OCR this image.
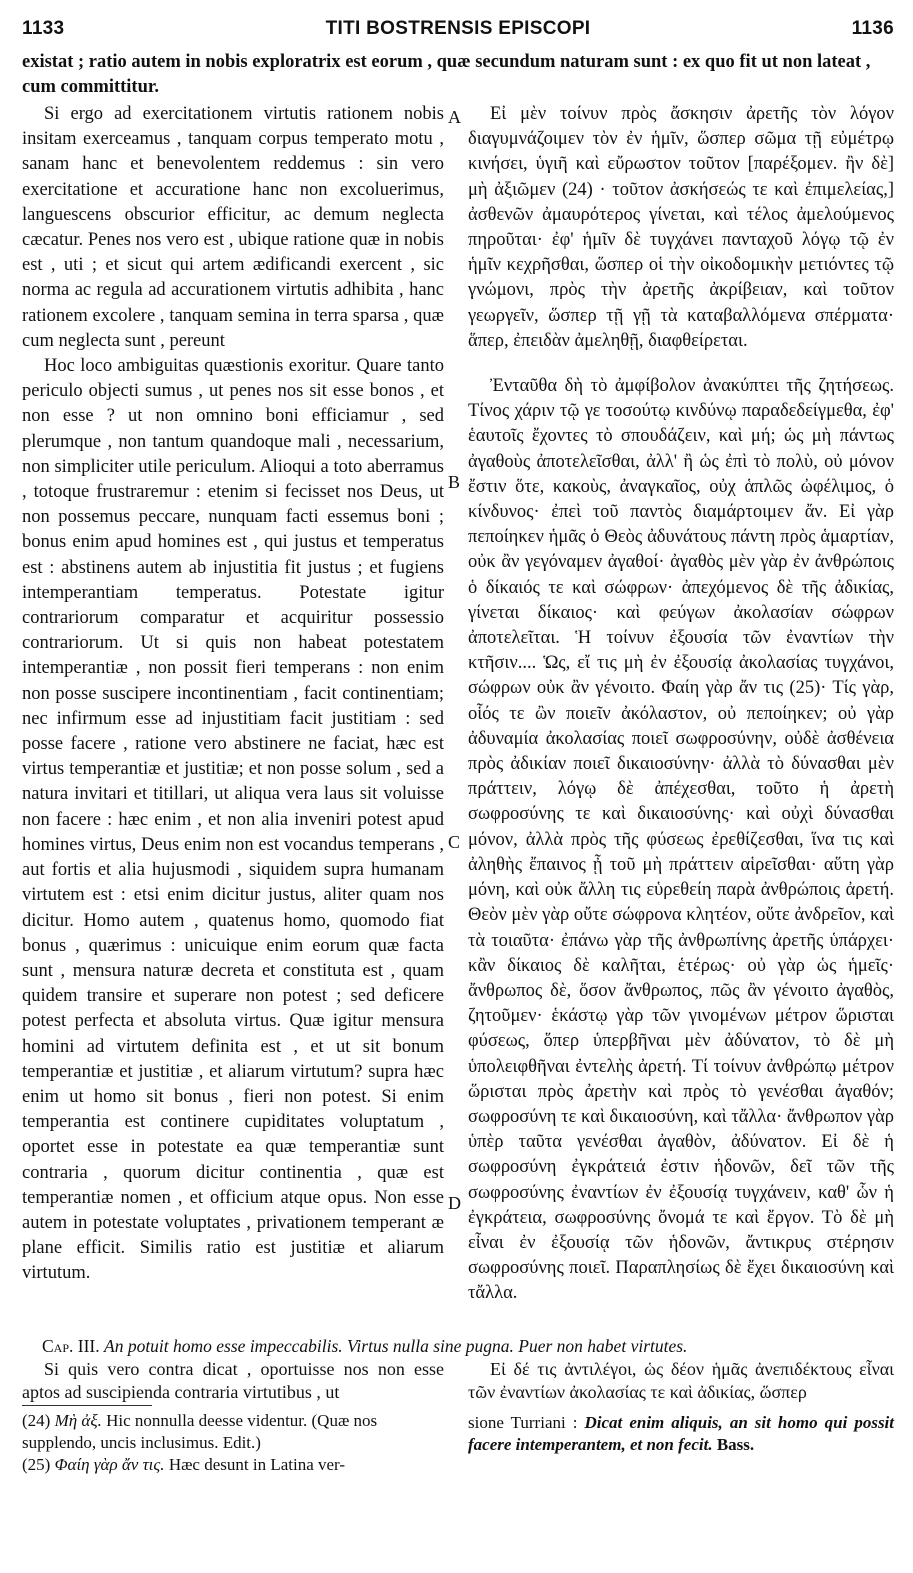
1133	TITI BOSTRENSIS EPISCOPI	1136
existat ; ratio autem in nobis exploratrix est eorum , quæ secundum naturam sunt : ex quo fit ut non lateat , cum committitur.

Si ergo ad exercitationem virtutis rationem nobis insitam exerceamus , tanquam corpus temperato motu , sanam hanc et benevolentem reddemus : sin vero exercitatione et accuratione hanc non excoluerimus, languescens obscurior efficitur, ac demum neglecta cæcatur. Penes nos vero est , ubique ratione quæ in nobis est , uti ; et sicut qui artem ædificandi exercent , sic norma ac regula ad accurationem virtutis adhibita , hanc rationem excolere , tanquam semina in terra sparsa , quæ cum neglecta sunt , pereunt

Hoc loco ambiguitas quæstionis exoritur. Quare tanto periculo objecti sumus , ut penes nos sit esse bonos , et non esse ? ut non omnino boni efficiamur , sed plerumque , non tantum quandoque mali , necessarium, non simpliciter utile periculum. Alioqui a toto aberramus , totoque frustraremur : etenim si fecisset nos Deus, ut non possemus peccare, nunquam facti essemus boni ; bonus enim apud homines est , qui justus et temperatus est : abstinens autem ab injustitia fit justus ; et fugiens intemperantiam temperatus. Potestate igitur contrariorum comparatur et acquiritur possessio contrariorum. Ut si quis non habeat potestatem intemperantiæ , non possit fieri temperans : non enim non posse suscipere incontinentiam , facit continentiam; nec infirmum esse ad injustitiam facit justitiam : sed posse facere , ratione vero abstinere ne faciat, hæc est virtus temperantiæ et justitiæ; et non posse solum , sed a natura invitari et titillari, ut aliqua vera laus sit voluisse non facere : hæc enim , et non alia inveniri potest apud homines virtus, Deus enim non est vocandus temperans , aut fortis et alia hujusmodi , siquidem supra humanam virtutem est : etsi enim dicitur justus, aliter quam nos dicitur. Homo autem , quatenus homo, quomodo fiat bonus , quærimus : unicuique enim eorum quæ facta sunt , mensura naturæ decreta et constituta est , quam quidem transire et superare non potest ; sed deficere potest perfecta et absoluta virtus. Quæ igitur mensura homini ad virtutem definita est , et ut sit bonum temperantiæ et justitiæ , et aliarum virtutum? supra hæc enim ut homo sit bonus , fieri non potest. Si enim temperantia est continere cupiditates voluptatum , oportet esse in potestate ea quæ temperantiæ sunt contraria , quorum dicitur continentia , quæ est temperantiæ nomen , et officium atque opus. Non esse autem in potestate voluptates , privationem temperant æ plane efficit. Similis ratio est justitiæ et aliarum virtutum.

Εἰ μὲν τοίνυν πρὸς ἄσκησιν ἀρετῆς τὸν λόγον διαγυμνάζοιμεν τὸν ἐν ἡμῖν, ὥσπερ σῶμα τῇ εὐμέτρῳ κινήσει, ὑγιῆ καὶ εὔρωστον τοῦτον [παρέξομεν. ἢν δὲ] μὴ ἀξιῶμεν (24) · τοῦτον ἀσκήσεώς τε καὶ ἐπιμελείας,] ἀσθενῶν ἀμαυρότερος γίνεται, καὶ τέλος ἀμελούμενος πηροῦται· ἐφ' ἡμῖν δὲ τυγχάνει πανταχοῦ λόγῳ τῷ ἐν ἡμῖν κεχρῆσθαι, ὥσπερ οἱ τὴν οἰκοδομικὴν μετιόντες τῷ γνώμονι, πρὸς τὴν ἀρετῆς ἀκρίβειαν, καὶ τοῦτον γεωργεῖν, ὥσπερ τῇ γῇ τὰ καταβαλλόμενα σπέρματα· ἅπερ, ἐπειδὰν ἀμεληθῇ, διαφθείρεται.

Ἐνταῦθα δὴ τὸ ἀμφίβολον ἀνακύπτει τῆς ζητήσεως. Τίνος χάριν τῷ γε τοσούτῳ κινδύνῳ παραδεδείγμεθα, ἐφ' ἑαυτοῖς ἔχοντες τὸ σπουδάζειν, καὶ μή; ὡς μὴ πάντως ἀγαθοὺς ἀποτελεῖσθαι, ἀλλ' ἢ ὡς ἐπὶ τὸ πολὺ, οὐ μόνον ἔστιν ὅτε, κακοὺς, ἀναγκαῖος, οὐχ ἁπλῶς ὠφέλιμος, ὁ κίνδυνος· ἐπεὶ τοῦ παντὸς διαμάρτοιμεν ἄν. Εἰ γὰρ πεποίηκεν ἡμᾶς ὁ Θεὸς ἀδυνάτους πάντη πρὸς ἁμαρτίαν, οὐκ ἂν γεγόναμεν ἀγαθοί· ἀγαθὸς μὲν γὰρ ἐν ἀνθρώποις ὁ δίκαιός τε καὶ σώφρων· ἀπεχόμενος δὲ τῆς ἀδικίας, γίνεται δίκαιος· καὶ φεύγων ἀκολασίαν σώφρων ἀποτελεῖται. Ἡ τοίνυν ἐξουσία τῶν ἐναντίων τὴν κτῆσιν.... Ὡς, εἴ τις μὴ ἐν ἐξουσίᾳ ἀκολασίας τυγχάνοι, σώφρων οὐκ ἂν γένοιτο. Φαίη γὰρ ἄν τις (25)· Τίς γὰρ, οἷός τε ὢν ποιεῖν ἀκόλαστον, οὐ πεποίηκεν; οὐ γὰρ ἀδυναμία ἀκολασίας ποιεῖ σωφροσύνην, οὐδὲ ἀσθένεια πρὸς ἀδικίαν ποιεῖ δικαιοσύνην· ἀλλὰ τὸ δύνασθαι μὲν πράττειν, λόγῳ δὲ ἀπέχεσθαι, τοῦτο ἡ ἀρετὴ σωφροσύνης τε καὶ δικαιοσύνης· καὶ οὐχὶ δύνασθαι μόνον, ἀλλὰ πρὸς τῆς φύσεως ἐρεθίζεσθαι, ἵνα τις καὶ ἀληθὴς ἔπαινος ᾖ τοῦ μὴ πράττειν αἱρεῖσθαι· αὕτη γὰρ μόνη, καὶ οὐκ ἄλλη τις εὑρεθείη παρὰ ἀνθρώποις ἀρετή. Θεὸν μὲν γὰρ οὔτε σώφρονα κλητέον, οὔτε ἀνδρεῖον, καὶ τὰ τοιαῦτα· ἐπάνω γὰρ τῆς ἀνθρωπίνης ἀρετῆς ὑπάρχει· κἂν δίκαιος δὲ καλῆται, ἑτέρως· οὐ γὰρ ὡς ἡμεῖς· ἄνθρωπος δὲ, ὅσον ἄνθρωπος, πῶς ἂν γένοιτο ἀγαθὸς, ζητοῦμεν· ἑκάστῳ γὰρ τῶν γινομένων μέτρον ὥρισται φύσεως, ὅπερ ὑπερβῆναι μὲν ἀδύνατον, τὸ δὲ μὴ ὑπολειφθῆναι ἐντελὴς ἀρετή. Τί τοίνυν ἀνθρώπῳ μέτρον ὥρισται πρὸς ἀρετὴν καὶ πρὸς τὸ γενέσθαι ἀγαθόν; σωφροσύνη τε καὶ δικαιοσύνη, καὶ τἄλλα· ἄνθρωπον γὰρ ὑπὲρ ταῦτα γενέσθαι ἀγαθὸν, ἀδύνατον. Εἰ δὲ ἡ σωφροσύνη ἐγκράτειά ἐστιν ἡδονῶν, δεῖ τῶν τῆς σωφροσύνης ἐναντίων ἐν ἐξουσίᾳ τυγχάνειν, καθ' ὧν ἡ ἐγκράτεια, σωφροσύνης ὄνομά τε καὶ ἔργον. Τὸ δὲ μὴ εἶναι ἐν ἐξουσίᾳ τῶν ἡδονῶν, ἄντικρυς στέρησιν σωφροσύνης ποιεῖ. Παραπλησίως δὲ ἔχει δικαιοσύνη καὶ τἄλλα.

A
B
C
D
Cap. III. An potuit homo esse impeccabilis. Virtus nulla sine pugna. Puer non habet virtutes.

Si quis vero contra dicat , oportuisse nos non esse aptos ad suscipienda contraria virtutibus , ut

Εἰ δέ τις ἀντιλέγοι, ὡς δέον ἡμᾶς ἀνεπιδέκτους εἶναι τῶν ἐναντίων ἀκολασίας τε καὶ ἀδικίας, ὥσπερ

(24) Μὴ ἀξ. Hic nonnulla deesse videntur. (Quæ nos supplendo, uncis inclusimus. Edit.)
(25) Φαίη γὰρ ἄν τις. Hæc desunt in Latina ver-
sione Turriani : Dicat enim aliquis, an sit homo qui possit facere intemperantem, et non fecit. Bass.
